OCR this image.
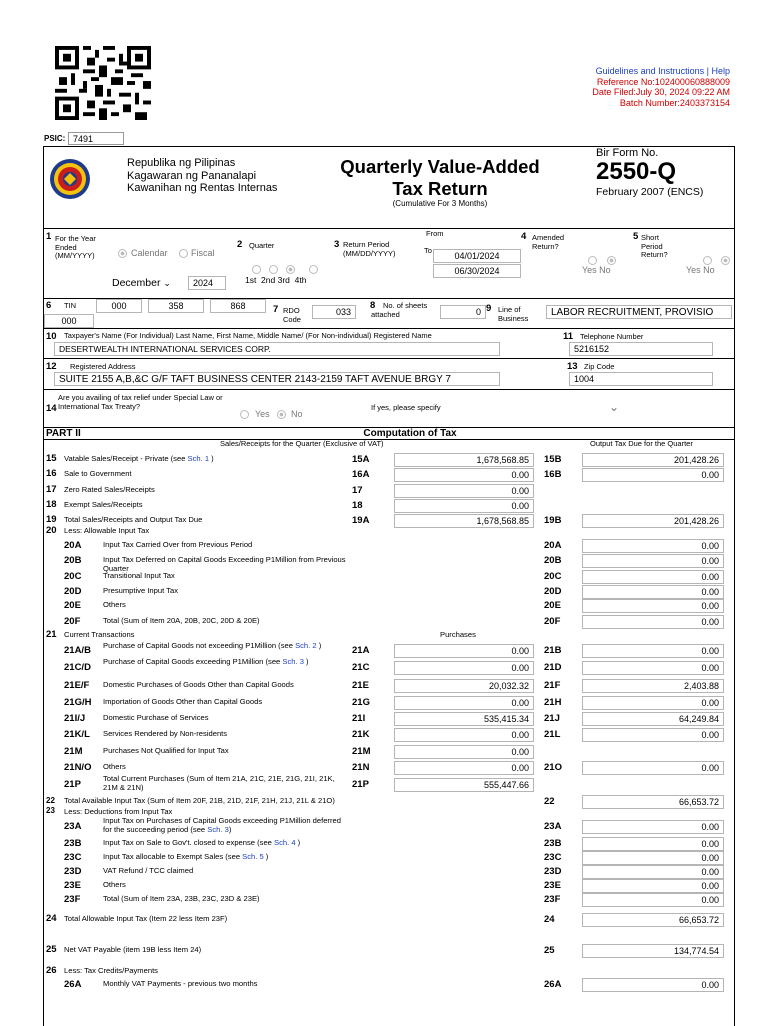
Guidelines and Instructions | Help
Reference No:102400060888009
Date Filed:July 30, 2024 09:22 AM
Batch Number:2403373154
PSIC: 7491
Republika ng Pilipinas
Kagawaran ng Pananalapi
Kawanihan ng Rentas Internas
Quarterly Value-Added
Tax Return
(Cumulative For 3 Months)
Bir Form No.
2550-Q
February 2007 (ENCS)
1 For the Year Ended (MM/YYYY)	Calendar	Fiscal
December ⌄	2024
2 Quarter
1st  2nd 3rd  4th
3 Return Period (MM/DD/YYYY)
From
To
04/01/2024
06/30/2024
4 Amended Return?
Yes No
5 Short Period Return?
Yes No
6 TIN	000	358	868
000
7 RDO Code
033
8	No. of sheets attached	0 9 Line of Business	LABOR RECRUITMENT, PROVISIO
10 Taxpayer's Name (For Individual) Last Name, First Name, Middle Name/ (For Non-individual) Registered Name
DESERTWEALTH INTERNATIONAL SERVICES CORP.
11 Telephone Number
5216152
12 Registered Address
SUITE 2155 A,B,&C G/F TAFT BUSINESS CENTER 2143-2159 TAFT AVENUE BRGY 7
13 Zip Code
1004
14
Are you availing of tax relief under Special Law or International Tax Treaty?
Yes No
If yes, please specify	⌄
PART II	Computation of Tax
Sales/Receipts for the Quarter (Exclusive of VAT)	Output Tax Due for the Quarter
15 Vatable Sales/Receipt - Private (see Sch. 1 )	15A	1,678,568.85	15B	201,428.26
16 Sale to Government	16A	0.00	16B	0.00
17 Zero Rated Sales/Receipts	17	0.00
18 Exempt Sales/Receipts	18	0.00
19 Total Sales/Receipts and Output Tax Due	19A	1,678,568.85	19B	201,428.26
20 Less: Allowable Input Tax
20A	Input Tax Carried Over from Previous Period	20A	0.00
20B	Input Tax Deferred on Capital Goods Exceeding P1Million from Previous Quarter
20B	0.00
20C	Transitional Input Tax	20C	0.00
20D	Presumptive Input Tax	20D	0.00
20E	Others	20E	0.00
20F	Total (Sum of Item 20A, 20B, 20C, 20D & 20E)	20F	0.00
21 Current Transactions	Purchases
21A/B Purchase of Capital Goods not exceeding P1Million (see Sch. 2 )	21A	0.00	21B	0.00
21C/D
Purchase of Capital Goods exceeding P1Million (see Sch. 3 )
21C	0.00	21D	0.00
21E/F Domestic Purchases of Goods Other than Capital Goods	21E	20,032.32	21F	2,403.88
21G/H Importation of Goods Other than Capital Goods	21G	0.00	21H	0.00
21I/J Domestic Purchase of Services	21I	535,415.34	21J	64,249.84
21K/L Services Rendered by Non-residents	21K	0.00	21L	0.00
21M	Purchases Not Qualified for Input Tax	21M	0.00
21N/O Others	21N	0.00	21O	0.00
21P
Total Current Purchases (Sum of Item 21A, 21C, 21E, 21G, 21I, 21K, 21M & 21N)	21P	555,447.66
22 Total Available Input Tax (Sum of Item 20F, 21B, 21D, 21F, 21H, 21J, 21L & 21O)	22	66,653.72
23 Less: Deductions from Input Tax
23A
Input Tax on Purchases of Capital Goods exceeding P1Million deferred for the succeeding period (see Sch. 3)	23A	0.00
23B	Input Tax on Sale to Gov't. closed to expense (see Sch. 4 )	23B	0.00
23C	Input Tax allocable to Exempt Sales (see Sch. 5 )	23C	0.00
23D	VAT Refund / TCC claimed	23D	0.00
23E	Others	23E	0.00
23F	Total (Sum of Item 23A, 23B, 23C, 23D & 23E)	23F	0.00
24 Total Allowable Input Tax (Item 22 less Item 23F)	24	66,653.72
25 Net VAT Payable (item 19B less Item 24)	25	134,774.54
26 Less: Tax Credits/Payments
26A	Monthly VAT Payments - previous two months	26A	0.00
